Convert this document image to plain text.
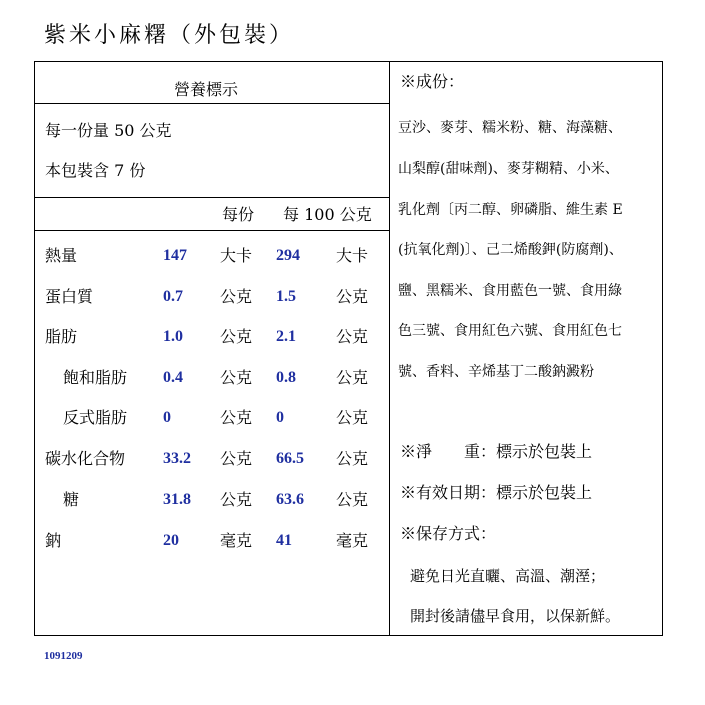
紫米小麻糬（外包裝）
營養標示
每一份量 50 公克
本包裝含 7 份
每份 每 100 公克
熱量	147 大卡 294 大卡
蛋白質	0.7 公克 1.5	公克
脂肪	1.0 公克 2.1	公克
飽和脂肪 0.4 公克 0.8	公克
反式脂肪 0	公克 0	公克
碳水化合物 33.2 公克 66.5 公克
糖	31.8 公克 63.6 公克
鈉	20	毫克 41	毫克
※成份：
豆沙、麥芽、糯米粉、糖、海藻糖、
山梨醇(甜味劑)、麥芽糊精、小米、
乳化劑〔丙二醇、卵磷脂、維生素 E
(抗氧化劑)〕、己二烯酸鉀(防腐劑)、
鹽、黑糯米、食用藍色一號、食用綠
色三號、食用紅色六號、食用紅色七
號、香料、辛烯基丁二酸鈉澱粉
※淨　　重：標示於包裝上
※有效日期：標示於包裝上
※保存方式：
避免日光直曬、高溫、潮溼；
開封後請儘早食用，以保新鮮。
1091209
